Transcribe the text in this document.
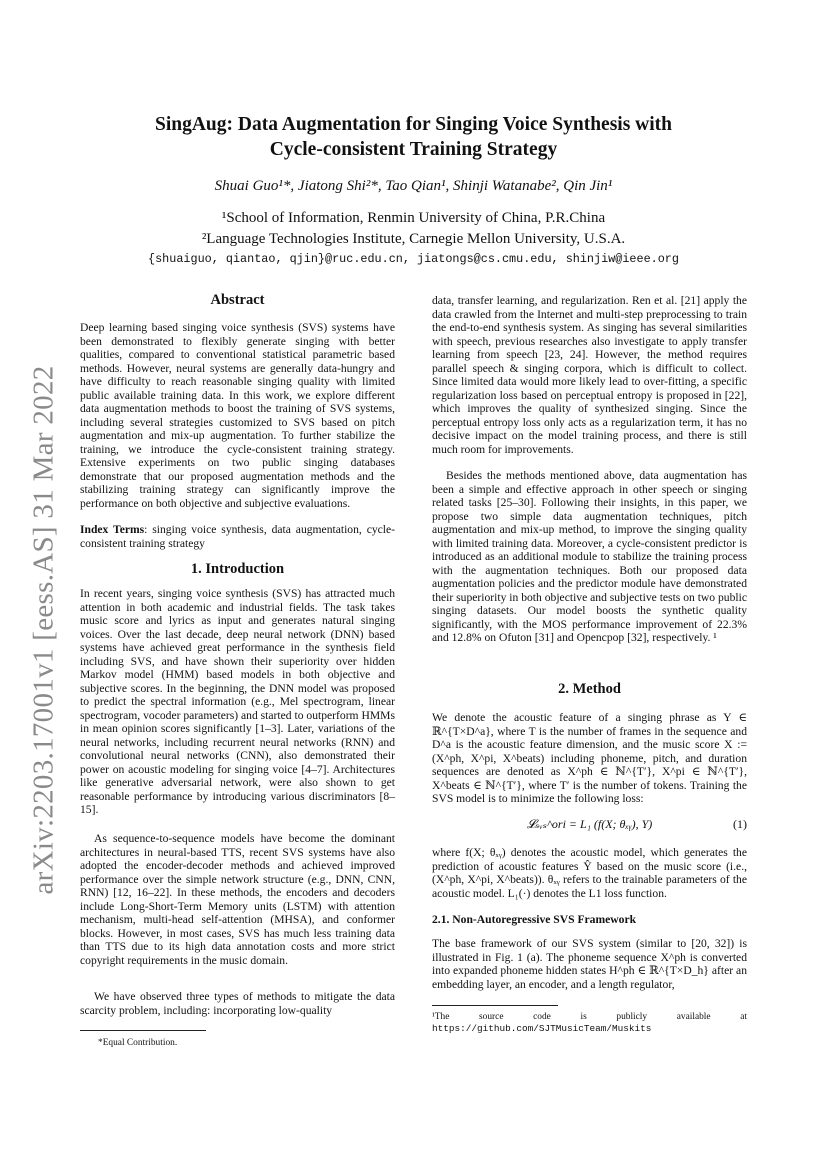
arXiv:2203.17001v1 [eess.AS] 31 Mar 2022
SingAug: Data Augmentation for Singing Voice Synthesis with
Cycle-consistent Training Strategy
Shuai Guo¹*, Jiatong Shi²*, Tao Qian¹, Shinji Watanabe², Qin Jin¹
¹School of Information, Renmin University of China, P.R.China
²Language Technologies Institute, Carnegie Mellon University, U.S.A.
{shuaiguo, qiantao, qjin}@ruc.edu.cn, jiatongs@cs.cmu.edu, shinjiw@ieee.org
Abstract

Deep learning based singing voice synthesis (SVS) systems have been demonstrated to flexibly generate singing with better qualities, compared to conventional statistical parametric based methods. However, neural systems are generally data-hungry and have difficulty to reach reasonable singing quality with limited public available training data. In this work, we explore different data augmentation methods to boost the training of SVS systems, including several strategies customized to SVS based on pitch augmentation and mix-up augmentation. To further stabilize the training, we introduce the cycle-consistent training strategy. Extensive experiments on two public singing databases demonstrate that our proposed augmentation methods and the stabilizing training strategy can significantly improve the performance on both objective and subjective evaluations.

Index Terms: singing voice synthesis, data augmentation, cycle-consistent training strategy

1. Introduction

In recent years, singing voice synthesis (SVS) has attracted much attention in both academic and industrial fields. The task takes music score and lyrics as input and generates natural singing voices. Over the last decade, deep neural network (DNN) based systems have achieved great performance in the synthesis field including SVS, and have shown their superiority over hidden Markov model (HMM) based models in both objective and subjective scores. In the beginning, the DNN model was proposed to predict the spectral information (e.g., Mel spectrogram, linear spectrogram, vocoder parameters) and started to outperform HMMs in mean opinion scores significantly [1–3]. Later, variations of the neural networks, including recurrent neural networks (RNN) and convolutional neural networks (CNN), also demonstrated their power on acoustic modeling for singing voice [4–7]. Architectures like generative adversarial network, were also shown to get reasonable performance by introducing various discriminators [8–15].

As sequence-to-sequence models have become the dominant architectures in neural-based TTS, recent SVS systems have also adopted the encoder-decoder methods and achieved improved performance over the simple network structure (e.g., DNN, CNN, RNN) [12, 16–22]. In these methods, the encoders and decoders include Long-Short-Term Memory units (LSTM) with attention mechanism, multi-head self-attention (MHSA), and conformer blocks. However, in most cases, SVS has much less training data than TTS due to its high data annotation costs and more strict copyright requirements in the music domain.

We have observed three types of methods to mitigate the data scarcity problem, including: incorporating low-quality

*Equal Contribution.

data, transfer learning, and regularization. Ren et al. [21] apply the data crawled from the Internet and multi-step preprocessing to train the end-to-end synthesis system. As singing has several similarities with speech, previous researches also investigate to apply transfer learning from speech [23, 24]. However, the method requires parallel speech & singing corpora, which is difficult to collect. Since limited data would more likely lead to over-fitting, a specific regularization loss based on perceptual entropy is proposed in [22], which improves the quality of synthesized singing. Since the perceptual entropy loss only acts as a regularization term, it has no decisive impact on the model training process, and there is still much room for improvements.

Besides the methods mentioned above, data augmentation has been a simple and effective approach in other speech or singing related tasks [25–30]. Following their insights, in this paper, we propose two simple data augmentation techniques, pitch augmentation and mix-up method, to improve the singing quality with limited training data. Moreover, a cycle-consistent predictor is introduced as an additional module to stabilize the training process with the augmentation techniques. Both our proposed data augmentation policies and the predictor module have demonstrated their superiority in both objective and subjective tests on two public singing datasets. Our model boosts the synthetic quality significantly, with the MOS performance improvement of 22.3% and 12.8% on Ofuton [31] and Opencpop [32], respectively. ¹

2. Method

We denote the acoustic feature of a singing phrase as Y ∈ ℝ^{T×D^a}, where T is the number of frames in the sequence and D^a is the acoustic feature dimension, and the music score X := (X^ph, X^pi, X^beats) including phoneme, pitch, and duration sequences are denoted as X^ph ∈ ℕ^{T′}, X^pi ∈ ℕ^{T′}, X^beats ∈ ℕ^{T′}, where T′ is the number of tokens. Training the SVS model is to minimize the following loss:

𝓛ₛᵥₛ^ori = L₁ (f(X; θₓᵧ), Y)	(1)

where f(X; θₓᵧ) denotes the acoustic model, which generates the prediction of acoustic features Ŷ based on the music score (i.e., (X^ph, X^pi, X^beats)). θₓᵧ refers to the trainable parameters of the acoustic model. L₁(·) denotes the L1 loss function.

2.1. Non-Autoregressive SVS Framework

The base framework of our SVS system (similar to [20, 32]) is illustrated in Fig. 1 (a). The phoneme sequence X^ph is converted into expanded phoneme hidden states H^ph ∈ ℝ^{T×D_h} after an embedding layer, an encoder, and a length regulator,

¹The source code is publicly available at https://github.com/SJTMusicTeam/Muskits
